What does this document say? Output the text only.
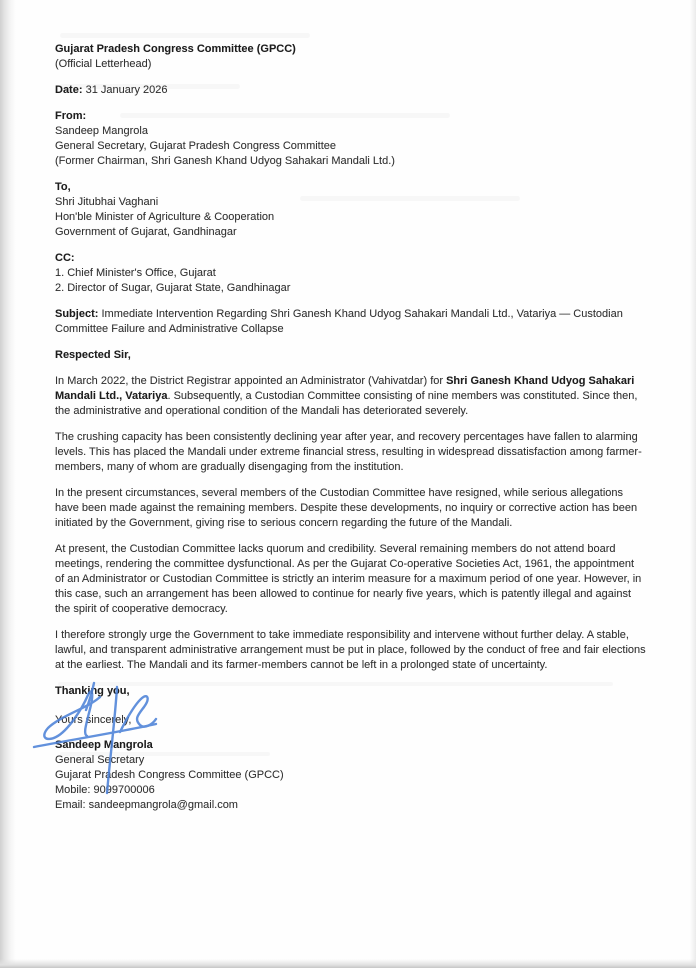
Gujarat Pradesh Congress Committee (GPCC)
(Official Letterhead)
Date: 31 January 2026
From:
Sandeep Mangrola
General Secretary, Gujarat Pradesh Congress Committee
(Former Chairman, Shri Ganesh Khand Udyog Sahakari Mandali Ltd.)
To,
Shri Jitubhai Vaghani
Hon'ble Minister of Agriculture & Cooperation
Government of Gujarat, Gandhinagar
CC:
1. Chief Minister's Office, Gujarat
2. Director of Sugar, Gujarat State, Gandhinagar
Subject: Immediate Intervention Regarding Shri Ganesh Khand Udyog Sahakari Mandali Ltd., Vatariya — Custodian Committee Failure and Administrative Collapse
Respected Sir,
In March 2022, the District Registrar appointed an Administrator (Vahivatdar) for Shri Ganesh Khand Udyog Sahakari Mandali Ltd., Vatariya. Subsequently, a Custodian Committee consisting of nine members was constituted. Since then, the administrative and operational condition of the Mandali has deteriorated severely.
The crushing capacity has been consistently declining year after year, and recovery percentages have fallen to alarming levels. This has placed the Mandali under extreme financial stress, resulting in widespread dissatisfaction among farmer-members, many of whom are gradually disengaging from the institution.
In the present circumstances, several members of the Custodian Committee have resigned, while serious allegations have been made against the remaining members. Despite these developments, no inquiry or corrective action has been initiated by the Government, giving rise to serious concern regarding the future of the Mandali.
At present, the Custodian Committee lacks quorum and credibility. Several remaining members do not attend board meetings, rendering the committee dysfunctional. As per the Gujarat Co-operative Societies Act, 1961, the appointment of an Administrator or Custodian Committee is strictly an interim measure for a maximum period of one year. However, in this case, such an arrangement has been allowed to continue for nearly five years, which is patently illegal and against the spirit of cooperative democracy.
I therefore strongly urge the Government to take immediate responsibility and intervene without further delay. A stable, lawful, and transparent administrative arrangement must be put in place, followed by the conduct of free and fair elections at the earliest. The Mandali and its farmer-members cannot be left in a prolonged state of uncertainty.
Thanking you,
Yours sincerely,
Sandeep Mangrola
General Secretary
Gujarat Pradesh Congress Committee (GPCC)
Mobile: 9099700006
Email: sandeepmangrola@gmail.com
